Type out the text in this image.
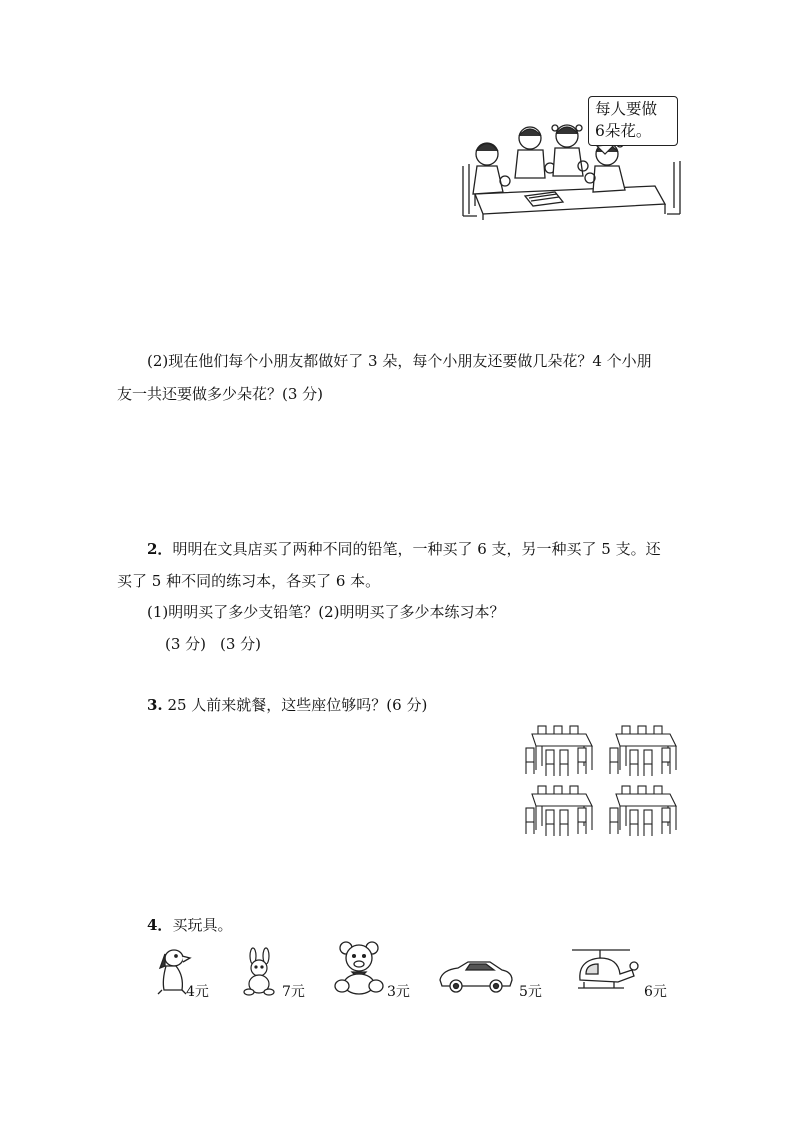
每人要做
6朵花。
(2)现在他们每个小朋友都做好了 3 朵，每个小朋友还要做几朵花？4 个小朋
友一共还要做多少朵花？(3 分)
2．明明在文具店买了两种不同的铅笔，一种买了 6 支，另一种买了 5 支。还
买了 5 种不同的练习本，各买了 6 本。
(1)明明买了多少支铅笔？(2)明明买了多少本练习本？
(3 分) (3 分)
3. 25 人前来就餐，这些座位够吗？(6 分)
4．买玩具。
4元	7元	3元	5元	6元
